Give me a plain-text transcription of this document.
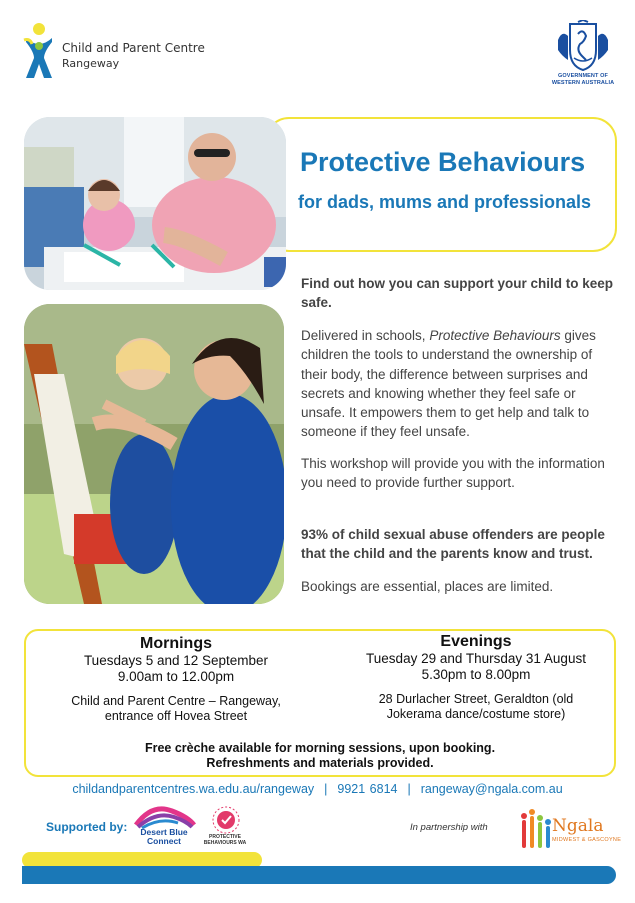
Child and Parent Centre
Rangeway
GOVERNMENT OF
WESTERN AUSTRALIA
Protective Behaviours
for dads, mums and professionals
Find out how you can support your child to keep safe.
Delivered in schools, Protective Behaviours gives children the tools to understand the ownership of their body, the difference between surprises and secrets and knowing whether they feel safe or unsafe. It empowers them to get help and talk to someone if they feel unsafe.
This workshop will provide you with the information you need to provide further support.
93% of child sexual abuse offenders are people that the child and the parents know and trust.
Bookings are essential, places are limited.
Mornings
Tuesdays 5 and 12 September
9.00am to 12.00pm
Child and Parent Centre – Rangeway,
entrance off Hovea Street
Evenings
Tuesday 29 and Thursday 31 August
5.30pm to 8.00pm
28 Durlacher Street, Geraldton (old
Jokerama dance/costume store)
Free crèche available for morning sessions, upon booking.
Refreshments and materials provided.
childandparentcentres.wa.edu.au/rangeway | 9921 6814 | rangeway@ngala.com.au
Supported by:	Desert Blue
Connect	PROTECTIVE
BEHAVIOURS WA
In partnership with	Ngala
MIDWEST & GASCOYNE
